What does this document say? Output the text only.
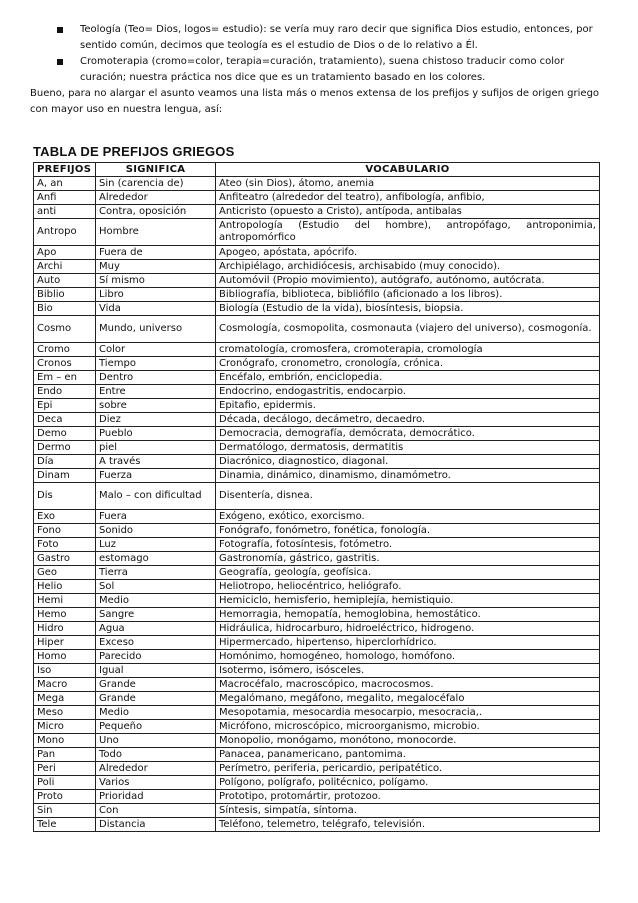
Teología (Teo= Dios, logos= estudio): se vería muy raro decir que significa Dios estudio, entonces, por sentido común, decimos que teología es el estudio de Dios o de lo relativo a Él.
Cromoterapia (cromo=color, terapia=curación, tratamiento), suena chistoso traducir como color curación; nuestra práctica nos dice que es un tratamiento basado en los colores.

Bueno, para no alargar el asunto veamos una lista más o menos extensa de los prefijos y sufijos de origen griego con mayor uso en nuestra lengua, así:

TABLA DE PREFIJOS GRIEGOS
PREFIJOS	SIGNIFICA	VOCABULARIO
A, an	Sin (carencia de)	Ateo (sin Dios), átomo, anemia
Anfi	Alrededor	Anfiteatro (alrededor del teatro), anfibología, anfibio,
anti	Contra, oposición	Anticristo (opuesto a Cristo), antípoda, antibalas
Antropo	Hombre	Antropología (Estudio del hombre), antropófago, antroponimia, antropomórfico
Apo	Fuera de	Apogeo, apóstata, apócrifo.
Archi	Muy	Archipiélago, archidiócesis, archisabido (muy conocido).
Auto	Sí mismo	Automóvil (Propio movimiento), autógrafo, autónomo, autócrata.
Biblio	Libro	Bibliografía, biblioteca, bibliófilo (aficionado a los libros).
Bio	Vida	Biología (Estudio de la vida), biosíntesis, biopsia.
Cosmo	Mundo, universo	Cosmología, cosmopolita, cosmonauta (viajero del universo), cosmogonía.
Cromo	Color	cromatología, cromosfera, cromoterapia, cromología
Cronos	Tiempo	Cronógrafo, cronometro, cronología, crónica.
Em – en	Dentro	Encéfalo, embrión, enciclopedia.
Endo	Entre	Endocrino, endogastritis, endocarpio.
Epi	sobre	Epitafio, epidermis.
Deca	Diez	Década, decálogo, decámetro, decaedro.
Demo	Pueblo	Democracia, demografía, demócrata, democrático.
Dermo	piel	Dermatólogo, dermatosis, dermatitis
Día	A través	Diacrónico, diagnostico, diagonal.
Dinam	Fuerza	Dinamia, dinámico, dinamismo, dinamómetro.
Dis	Malo – con dificultad	Disentería, disnea.
Exo	Fuera	Exógeno, exótico, exorcismo.
Fono	Sonido	Fonógrafo, fonómetro, fonética, fonología.
Foto	Luz	Fotografía, fotosíntesis, fotómetro.
Gastro	estomago	Gastronomía, gástrico, gastritis.
Geo	Tierra	Geografía, geología, geofísica.
Helio	Sol	Heliotropo, heliocéntrico, heliógrafo.
Hemi	Medio	Hemiciclo, hemisferio, hemiplejía, hemistiquio.
Hemo	Sangre	Hemorragia, hemopatía, hemoglobina, hemostático.
Hidro	Agua	Hidráulica, hidrocarburo, hidroeléctrico, hidrogeno.
Hiper	Exceso	Hipermercado, hipertenso, hiperclorhídrico.
Homo	Parecido	Homónimo, homogéneo, homologo, homófono.
Iso	Igual	Isotermo, isómero, isósceles.
Macro	Grande	Macrocéfalo, macroscópico, macrocosmos.
Mega	Grande	Megalómano, megáfono, megalito, megalocéfalo
Meso	Medio	Mesopotamia, mesocardia mesocarpio, mesocracia,.
Micro	Pequeño	Micrófono, microscópico, microorganismo, microbio.
Mono	Uno	Monopolio, monógamo, monótono, monocorde.
Pan	Todo	Panacea, panamericano, pantomima.
Peri	Alrededor	Perímetro, periferia, pericardio, peripatético.
Poli	Varios	Polígono, polígrafo, politécnico, polígamo.
Proto	Prioridad	Prototipo, protomártir, protozoo.
Sin	Con	Síntesis, simpatía, síntoma.
Tele	Distancia	Teléfono, telemetro, telégrafo, televisión.
